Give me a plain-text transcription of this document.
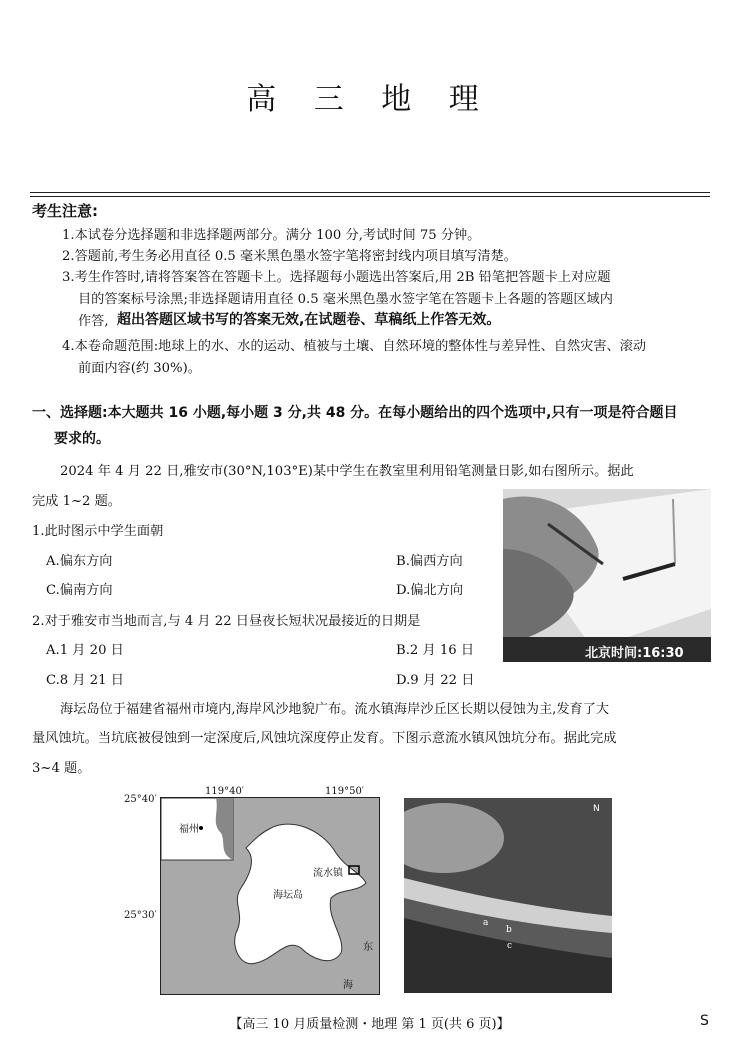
高 三 地 理
考生注意:
1.本试卷分选择题和非选择题两部分。满分 100 分,考试时间 75 分钟。
2.答题前,考生务必用直径 0.5 毫米黑色墨水签字笔将密封线内项目填写清楚。
3.考生作答时,请将答案答在答题卡上。选择题每小题选出答案后,用 2B 铅笔把答题卡上对应题
目的答案标号涂黑;非选择题请用直径 0.5 毫米黑色墨水签字笔在答题卡上各题的答题区域内
作答, 超出答题区域书写的答案无效,在试题卷、草稿纸上作答无效。
4.本卷命题范围:地球上的水、水的运动、植被与土壤、自然环境的整体性与差异性、自然灾害、滚动
前面内容(约 30%)。
一、选择题:本大题共 16 小题,每小题 3 分,共 48 分。在每小题给出的四个选项中,只有一项是符合题目
要求的。
2024 年 4 月 22 日,雅安市(30°N,103°E)某中学生在教室里利用铅笔测量日影,如右图所示。据此
完成 1~2 题。
1.此时图示中学生面朝
A.偏东方向	B.偏西方向
C.偏南方向	D.偏北方向
2.对于雅安市当地而言,与 4 月 22 日昼夜长短状况最接近的日期是
A.1 月 20 日	B.2 月 16 日
C.8 月 21 日	D.9 月 22 日
北京时间:16:30
海坛岛位于福建省福州市境内,海岸风沙地貌广布。流水镇海岸沙丘区长期以侵蚀为主,发育了大
量风蚀坑。当坑底被侵蚀到一定深度后,风蚀坑深度停止发育。下图示意流水镇风蚀坑分布。据此完成
3~4 题。
福州
海坛岛
流水镇
东
海
119°40′	119°50′
25°40′
25°30′
a
b
c
N
【高三 10 月质量检测・地理 第 1 页(共 6 页)】	S
